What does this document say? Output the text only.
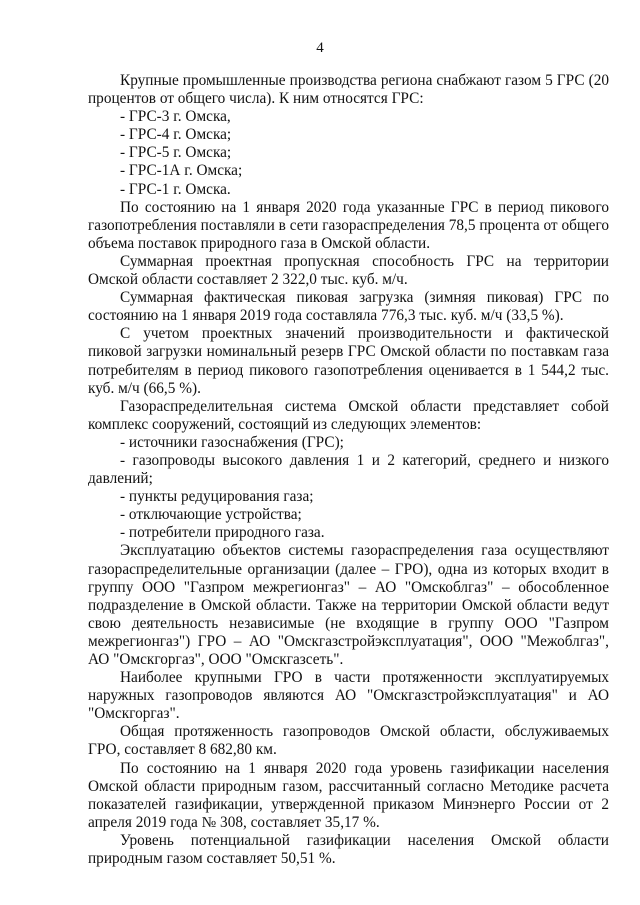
4

Крупные промышленные производства региона снабжают газом 5 ГРС (20 процентов от общего числа). К ним относятся ГРС:

- ГРС-3 г. Омска,

- ГРС-4 г. Омска;

- ГРС-5 г. Омска;

- ГРС-1А г. Омска;

- ГРС-1 г. Омска.

По состоянию на 1 января 2020 года указанные ГРС в период пикового газопотребления поставляли в сети газораспределения 78,5 процента от общего объема поставок природного газа в Омской области.

Суммарная проектная пропускная способность ГРС на территории Омской области составляет 2 322,0 тыс. куб. м/ч.

Суммарная фактическая пиковая загрузка (зимняя пиковая) ГРС по состоянию на 1 января 2019 года составляла 776,3 тыс. куб. м/ч (33,5 %).

С учетом проектных значений производительности и фактической пиковой загрузки номинальный резерв ГРС Омской области по поставкам газа потребителям в период пикового газопотребления оценивается в 1 544,2 тыс. куб. м/ч (66,5 %).

Газораспределительная система Омской области представляет собой комплекс сооружений, состоящий из следующих элементов:

- источники газоснабжения (ГРС);

- газопроводы высокого давления 1 и 2 категорий, среднего и низкого давлений;

- пункты редуцирования газа;

- отключающие устройства;

- потребители природного газа.

Эксплуатацию объектов системы газораспределения газа осуществляют газораспределительные организации (далее – ГРО), одна из которых входит в группу ООО "Газпром межрегионгаз" – АО "Омскоблгаз" – обособленное подразделение в Омской области. Также на территории Омской области ведут свою деятельность независимые (не входящие в группу ООО "Газпром межрегионгаз") ГРО – АО "Омскгазстройэксплуатация", ООО "Межоблгаз", АО "Омскгоргаз", ООО "Омскгазсеть".

Наиболее крупными ГРО в части протяженности эксплуатируемых наружных газопроводов являются АО "Омскгазстройэксплуатация" и АО "Омскгоргаз".

Общая протяженность газопроводов Омской области, обслуживаемых ГРО, составляет 8 682,80 км.

По состоянию на 1 января 2020 года уровень газификации населения Омской области природным газом, рассчитанный согласно Методике расчета показателей газификации, утвержденной приказом Минэнерго России от 2 апреля 2019 года № 308, составляет 35,17 %.

Уровень потенциальной газификации населения Омской области природным газом составляет 50,51 %.
